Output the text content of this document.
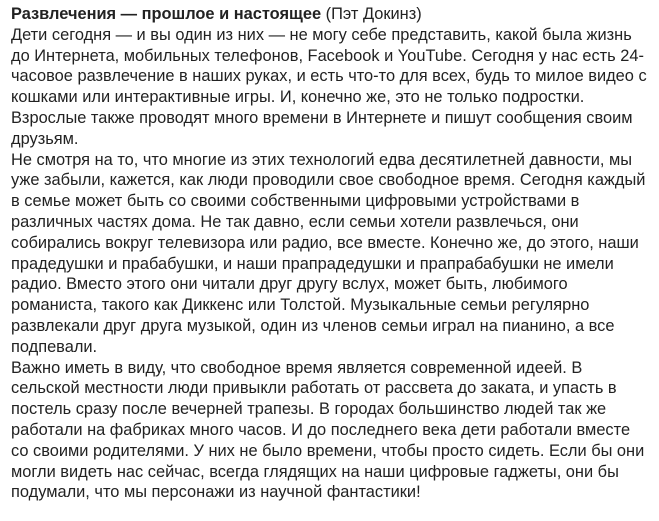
Развлечения — прошлое и настоящее (Пэт Докинз)

Дети сегодня — и вы один из них — не могу себе представить, какой была жизнь до Интернета, мобильных телефонов, Facebook и YouTube. Сегодня у нас есть 24-часовое развлечение в наших руках, и есть что-то для всех, будь то милое видео с кошками или интерактивные игры. И, конечно же, это не только подростки. Взрослые также проводят много времени в Интернете и пишут сообщения своим друзьям.

Не смотря на то, что многие из этих технологий едва десятилетней давности, мы уже забыли, кажется, как люди проводили свое свободное время. Сегодня каждый в семье может быть со своими собственными цифровыми устройствами в различных частях дома. Не так давно, если семьи хотели развлечься, они собирались вокруг телевизора или радио, все вместе. Конечно же, до этого, наши прадедушки и прабабушки, и наши прапрадедушки и прапрабабушки не имели радио. Вместо этого они читали друг другу вслух, может быть, любимого романиста, такого как Диккенс или Толстой. Музыкальные семьи регулярно развлекали друг друга музыкой, один из членов семьи играл на пианино, а все подпевали.

Важно иметь в виду, что свободное время является современной идеей. В сельской местности люди привыкли работать от рассвета до заката, и упасть в постель сразу после вечерней трапезы. В городах большинство людей так же работали на фабриках много часов. И до последнего века дети работали вместе со своими родителями. У них не было времени, чтобы просто сидеть. Если бы они могли видеть нас сейчас, всегда глядящих на наши цифровые гаджеты, они бы подумали, что мы персонажи из научной фантастики!
